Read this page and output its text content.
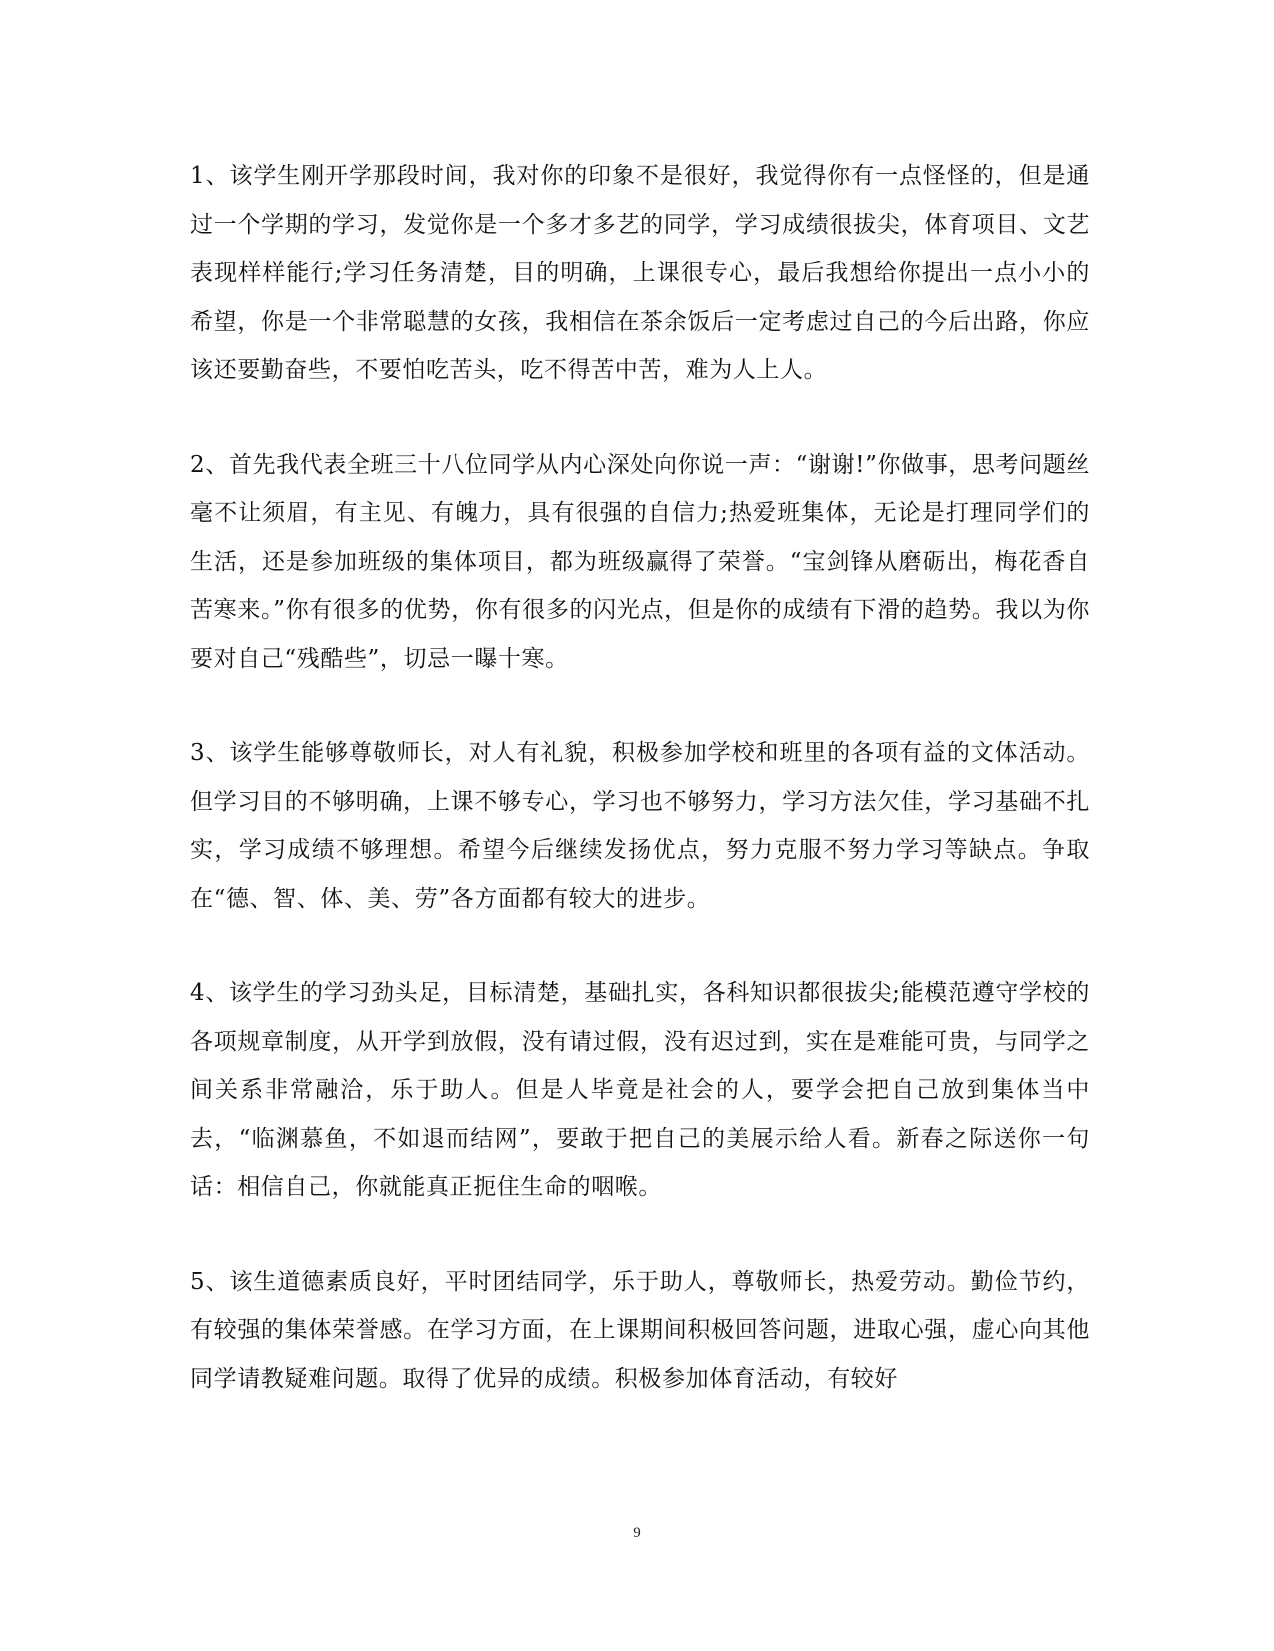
1、该学生刚开学那段时间，我对你的印象不是很好，我觉得你有一点怪怪的，但是通过一个学期的学习，发觉你是一个多才多艺的同学，学习成绩很拔尖，体育项目、文艺表现样样能行;学习任务清楚，目的明确，上课很专心，最后我想给你提出一点小小的希望，你是一个非常聪慧的女孩，我相信在茶余饭后一定考虑过自己的今后出路，你应该还要勤奋些，不要怕吃苦头，吃不得苦中苦，难为人上人。

2、首先我代表全班三十八位同学从内心深处向你说一声：“谢谢!”你做事，思考问题丝毫不让须眉，有主见、有魄力，具有很强的自信力;热爱班集体，无论是打理同学们的生活，还是参加班级的集体项目，都为班级赢得了荣誉。“宝剑锋从磨砺出，梅花香自苦寒来。”你有很多的优势，你有很多的闪光点，但是你的成绩有下滑的趋势。我以为你要对自己“残酷些”，切忌一曝十寒。

3、该学生能够尊敬师长，对人有礼貌，积极参加学校和班里的各项有益的文体活动。但学习目的不够明确，上课不够专心，学习也不够努力，学习方法欠佳，学习基础不扎实，学习成绩不够理想。希望今后继续发扬优点，努力克服不努力学习等缺点。争取在“德、智、体、美、劳”各方面都有较大的进步。

4、该学生的学习劲头足，目标清楚，基础扎实，各科知识都很拔尖;能模范遵守学校的各项规章制度，从开学到放假，没有请过假，没有迟过到，实在是难能可贵，与同学之间关系非常融洽，乐于助人。但是人毕竟是社会的人，要学会把自己放到集体当中去，“临渊慕鱼，不如退而结网”，要敢于把自己的美展示给人看。新春之际送你一句话：相信自己，你就能真正扼住生命的咽喉。

5、该生道德素质良好，平时团结同学，乐于助人，尊敬师长，热爱劳动。勤俭节约，有较强的集体荣誉感。在学习方面，在上课期间积极回答问题，进取心强，虚心向其他同学请教疑难问题。取得了优异的成绩。积极参加体育活动，有较好

9
